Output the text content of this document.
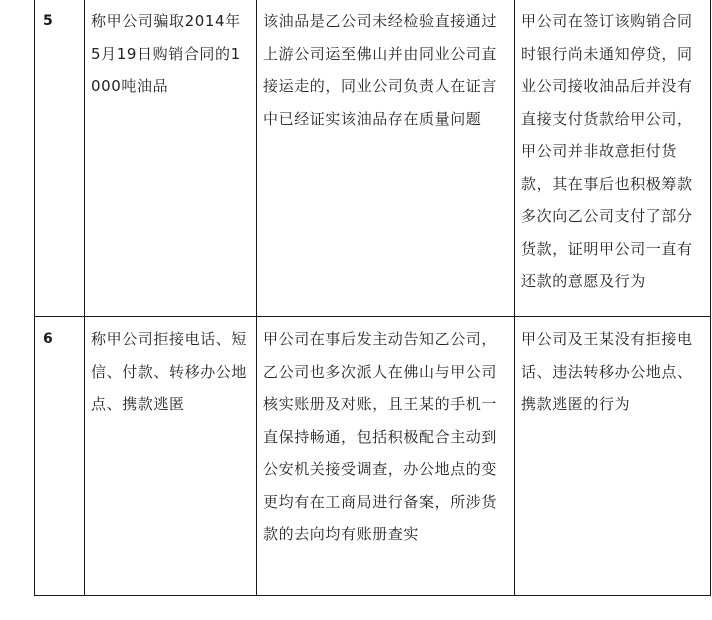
5	称甲公司骗取2014年5月19日购销合同的1000吨油品	该油品是乙公司未经检验直接通过上游公司运至佛山并由同业公司直接运走的，同业公司负责人在证言中已经证实该油品存在质量问题	甲公司在签订该购销合同时银行尚未通知停贷，同业公司接收油品后并没有直接支付货款给甲公司，甲公司并非故意拒付货款，其在事后也积极筹款多次向乙公司支付了部分货款，证明甲公司一直有还款的意愿及行为
6	称甲公司拒接电话、短信、付款、转移办公地点、携款逃匿	甲公司在事后发主动告知乙公司，乙公司也多次派人在佛山与甲公司核实账册及对账，且王某的手机一直保持畅通，包括积极配合主动到公安机关接受调查，办公地点的变更均有在工商局进行备案，所涉货款的去向均有账册查实	甲公司及王某没有拒接电话、违法转移办公地点、携款逃匿的行为
